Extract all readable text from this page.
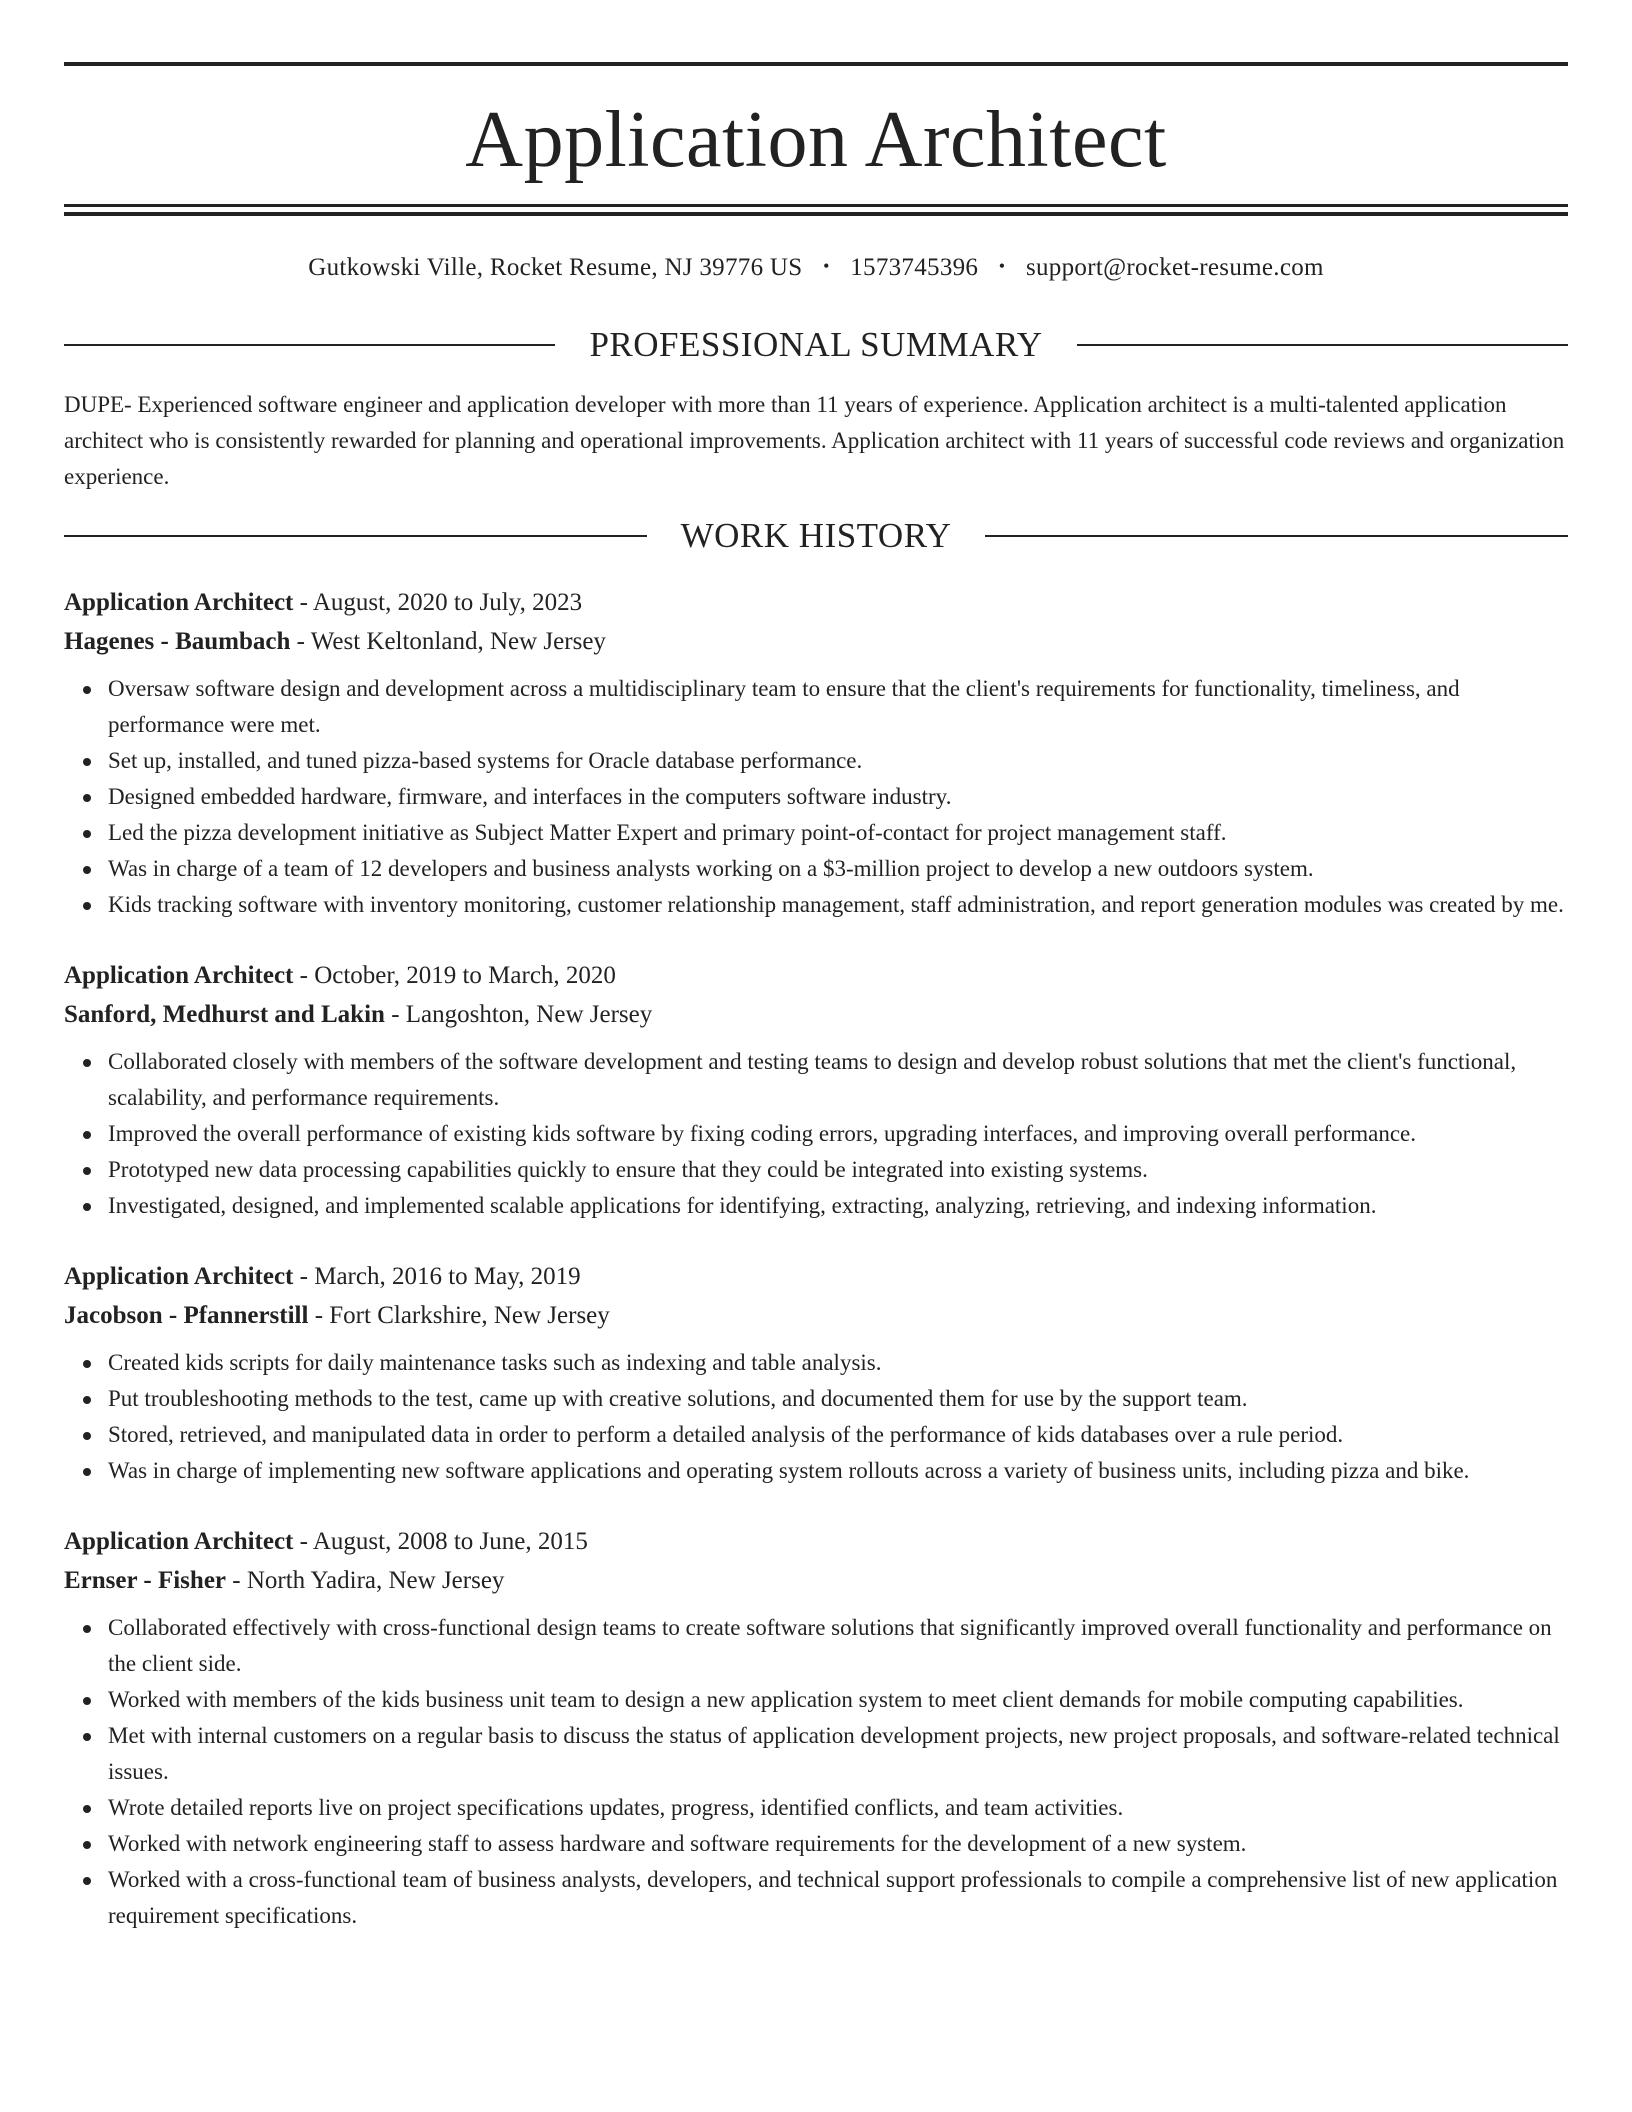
Application Architect
Gutkowski Ville, Rocket Resume, NJ 39776 US • 1573745396 • support@rocket-resume.com
PROFESSIONAL SUMMARY
DUPE- Experienced software engineer and application developer with more than 11 years of experience. Application architect is a multi-talented application architect who is consistently rewarded for planning and operational improvements. Application architect with 11 years of successful code reviews and organization experience.
WORK HISTORY
Application Architect - August, 2020 to July, 2023
Hagenes - Baumbach - West Keltonland, New Jersey
Oversaw software design and development across a multidisciplinary team to ensure that the client's requirements for functionality, timeliness, and performance were met.
Set up, installed, and tuned pizza-based systems for Oracle database performance.
Designed embedded hardware, firmware, and interfaces in the computers software industry.
Led the pizza development initiative as Subject Matter Expert and primary point-of-contact for project management staff.
Was in charge of a team of 12 developers and business analysts working on a $3-million project to develop a new outdoors system.
Kids tracking software with inventory monitoring, customer relationship management, staff administration, and report generation modules was created by me.
Application Architect - October, 2019 to March, 2020
Sanford, Medhurst and Lakin - Langoshton, New Jersey
Collaborated closely with members of the software development and testing teams to design and develop robust solutions that met the client's functional, scalability, and performance requirements.
Improved the overall performance of existing kids software by fixing coding errors, upgrading interfaces, and improving overall performance.
Prototyped new data processing capabilities quickly to ensure that they could be integrated into existing systems.
Investigated, designed, and implemented scalable applications for identifying, extracting, analyzing, retrieving, and indexing information.
Application Architect - March, 2016 to May, 2019
Jacobson - Pfannerstill - Fort Clarkshire, New Jersey
Created kids scripts for daily maintenance tasks such as indexing and table analysis.
Put troubleshooting methods to the test, came up with creative solutions, and documented them for use by the support team.
Stored, retrieved, and manipulated data in order to perform a detailed analysis of the performance of kids databases over a rule period.
Was in charge of implementing new software applications and operating system rollouts across a variety of business units, including pizza and bike.
Application Architect - August, 2008 to June, 2015
Ernser - Fisher - North Yadira, New Jersey
Collaborated effectively with cross-functional design teams to create software solutions that significantly improved overall functionality and performance on the client side.
Worked with members of the kids business unit team to design a new application system to meet client demands for mobile computing capabilities.
Met with internal customers on a regular basis to discuss the status of application development projects, new project proposals, and software-related technical issues.
Wrote detailed reports live on project specifications updates, progress, identified conflicts, and team activities.
Worked with network engineering staff to assess hardware and software requirements for the development of a new system.
Worked with a cross-functional team of business analysts, developers, and technical support professionals to compile a comprehensive list of new application requirement specifications.
